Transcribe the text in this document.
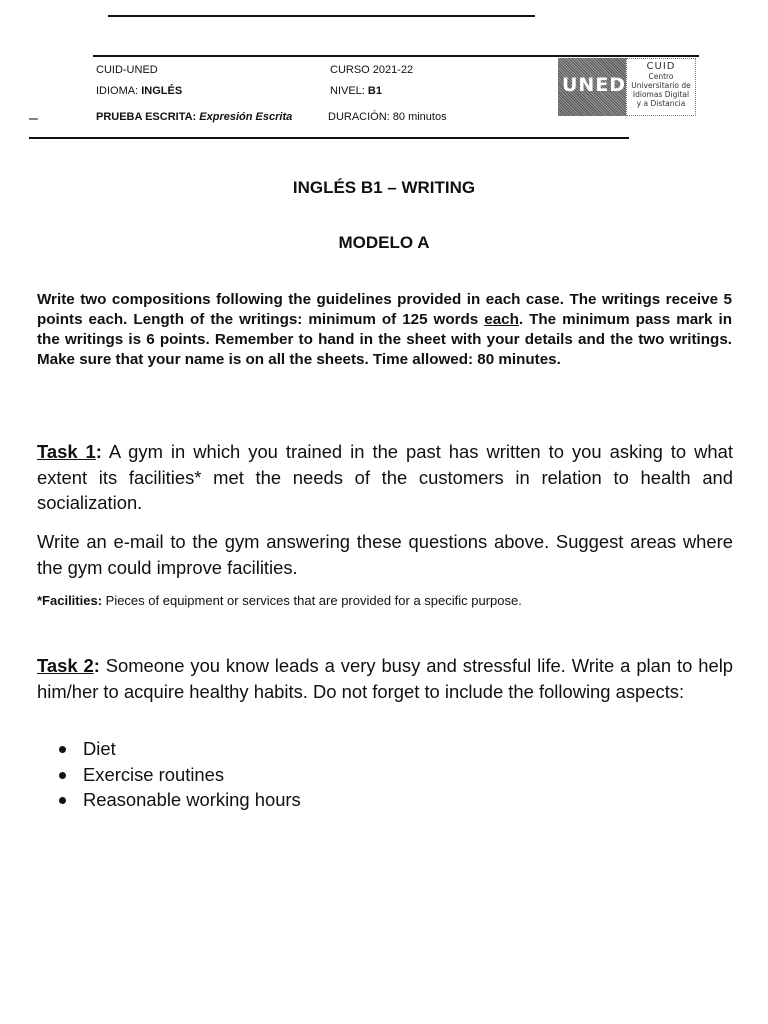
–
CUID-UNED
IDIOMA: INGLÉS
PRUEBA ESCRITA: Expresión Escrita
CURSO 2021-22
NIVEL: B1
DURACIÓN: 80 minutos
UNED
CUID
Centro
Universitario de
Idiomas Digital
y a Distancia
INGLÉS B1 – WRITING
MODELO A
Write two compositions following the guidelines provided in each case. The writings receive 5 points each. Length of the writings: minimum of 125 words each. The minimum pass mark in the writings is 6 points. Remember to hand in the sheet with your details and the two writings. Make sure that your name is on all the sheets. Time allowed: 80 minutes.
Task 1: A gym in which you trained in the past has written to you asking to what extent its facilities* met the needs of the customers in relation to health and socialization.
Write an e-mail to the gym answering these questions above. Suggest areas where the gym could improve facilities.
*Facilities: Pieces of equipment or services that are provided for a specific purpose.
Task 2: Someone you know leads a very busy and stressful life. Write a plan to help him/her to acquire healthy habits. Do not forget to include the following aspects:
Diet
Exercise routines
Reasonable working hours
